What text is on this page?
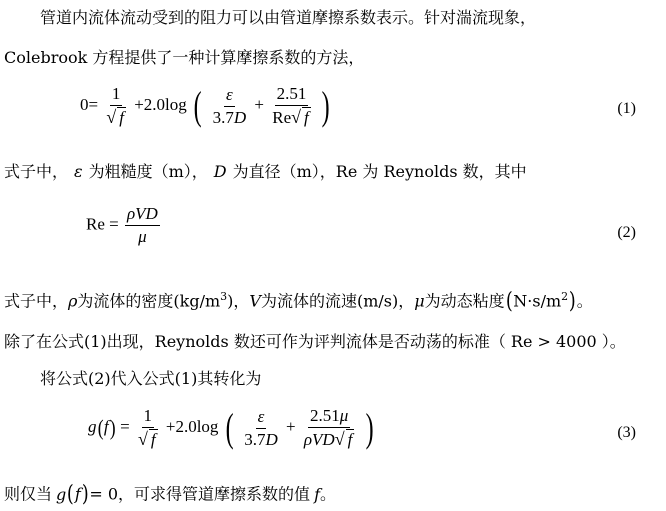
管道内流体流动受到的阻力可以由管道摩擦系数表示。针对湍流现象，
Colebrook 方程提供了一种计算摩擦系数的方法，
$0= \frac{1}{√ f} +2.0\log$ ( $\frac{\varepsilon}{3.7D} + \frac{2.51}{Re√ f}$ )	(1)
式子中， ε 为粗糙度（m）， D 为直径（m），Re 为 Reynolds 数，其中
$Re = \frac{\text{ρVD}}{\mu}$	(2)
式子中，ρ为流体的密度$(kg/m^3)$，V为流体的流速(m/s)，μ为动态粘度$(N\cdot s/m^2)$。
除了在公式(1)出现，Reynolds 数还可作为评判流体是否动荡的标准（ Re > 4000 ）。
将公式(2)代入公式(1)其转化为
$g(f) = \frac{1}{√ f} +2.0\log$ ( $\frac{\varepsilon}{3.7D} + \frac{2.51\mu}{\text{ρVD√ f}}$ )	(3)
则仅当 g(f)= 0，可求得管道摩擦系数的值 f。
